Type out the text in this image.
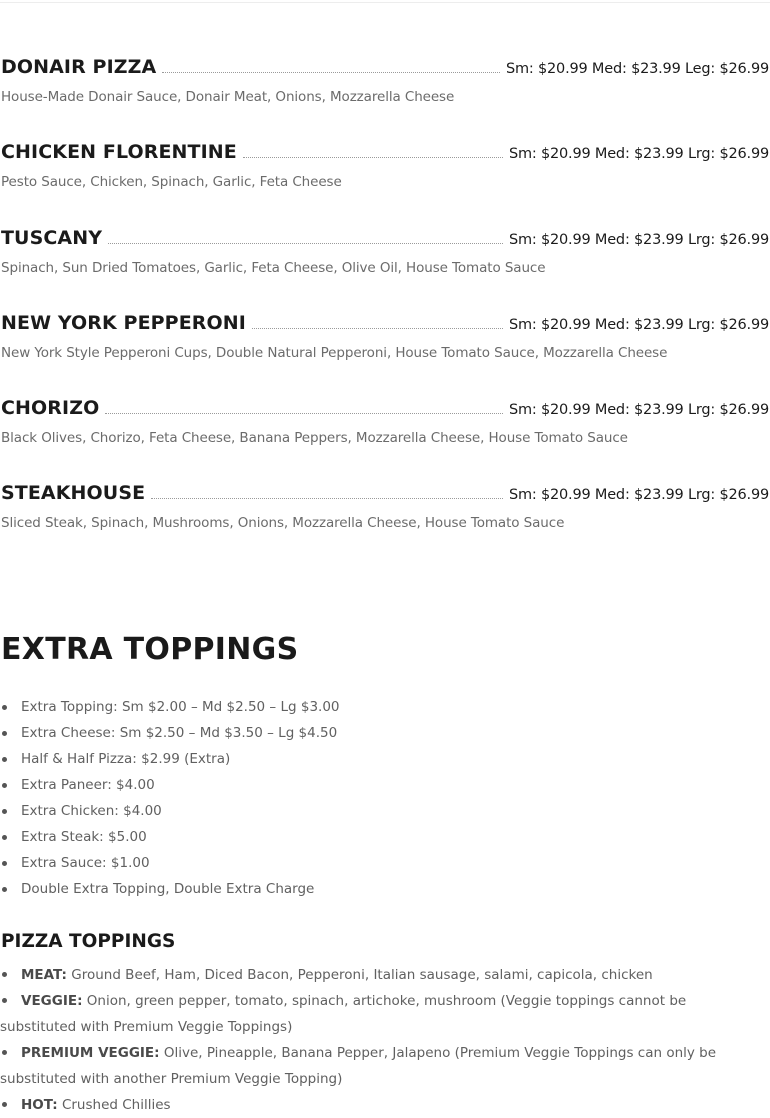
DONAIR PIZZA	Sm: $20.99 Med: $23.99 Leg: $26.99
House-Made Donair Sauce, Donair Meat, Onions, Mozzarella Cheese
CHICKEN FLORENTINE	Sm: $20.99 Med: $23.99 Lrg: $26.99
Pesto Sauce, Chicken, Spinach, Garlic, Feta Cheese
TUSCANY	Sm: $20.99 Med: $23.99 Lrg: $26.99
Spinach, Sun Dried Tomatoes, Garlic, Feta Cheese, Olive Oil, House Tomato Sauce
NEW YORK PEPPERONI	Sm: $20.99 Med: $23.99 Lrg: $26.99
New York Style Pepperoni Cups, Double Natural Pepperoni, House Tomato Sauce, Mozzarella Cheese
CHORIZO	Sm: $20.99 Med: $23.99 Lrg: $26.99
Black Olives, Chorizo, Feta Cheese, Banana Peppers, Mozzarella Cheese, House Tomato Sauce
STEAKHOUSE	Sm: $20.99 Med: $23.99 Lrg: $26.99
Sliced Steak, Spinach, Mushrooms, Onions, Mozzarella Cheese, House Tomato Sauce
EXTRA TOPPINGS
Extra Topping: Sm $2.00 – Md $2.50 – Lg $3.00
Extra Cheese: Sm $2.50 – Md $3.50 – Lg $4.50
Half & Half Pizza: $2.99 (Extra)
Extra Paneer: $4.00
Extra Chicken: $4.00
Extra Steak: $5.00
Extra Sauce: $1.00
Double Extra Topping, Double Extra Charge
PIZZA TOPPINGS
MEAT: Ground Beef, Ham, Diced Bacon, Pepperoni, Italian sausage, salami, capicola, chicken
VEGGIE: Onion, green pepper, tomato, spinach, artichoke, mushroom (Veggie toppings cannot be substituted with Premium Veggie Toppings)
PREMIUM VEGGIE: Olive, Pineapple, Banana Pepper, Jalapeno (Premium Veggie Toppings can only be substituted with another Premium Veggie Topping)
HOT: Crushed Chillies
